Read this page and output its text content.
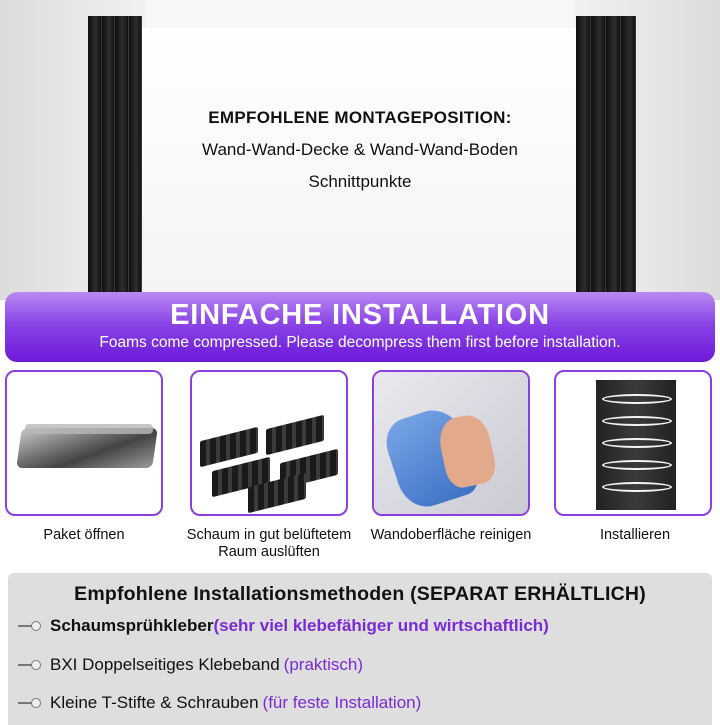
EMPFOHLENE MONTAGEPOSITION:
Wand-Wand-Decke & Wand-Wand-Boden
Schnittpunkte
EINFACHE INSTALLATION
Foams come compressed. Please decompress them first before installation.
Paket öffnen	Schaum in gut belüftetem Raum auslüften
Wandoberfläche reinigen	Installieren
Empfohlene Installationsmethoden (SEPARAT ERHÄLTLICH)
Schaumsprühkleber (sehr viel klebefähiger und wirtschaftlich)
BXI Doppelseitiges Klebeband (praktisch)
Kleine T-Stifte & Schrauben (für feste Installation)
